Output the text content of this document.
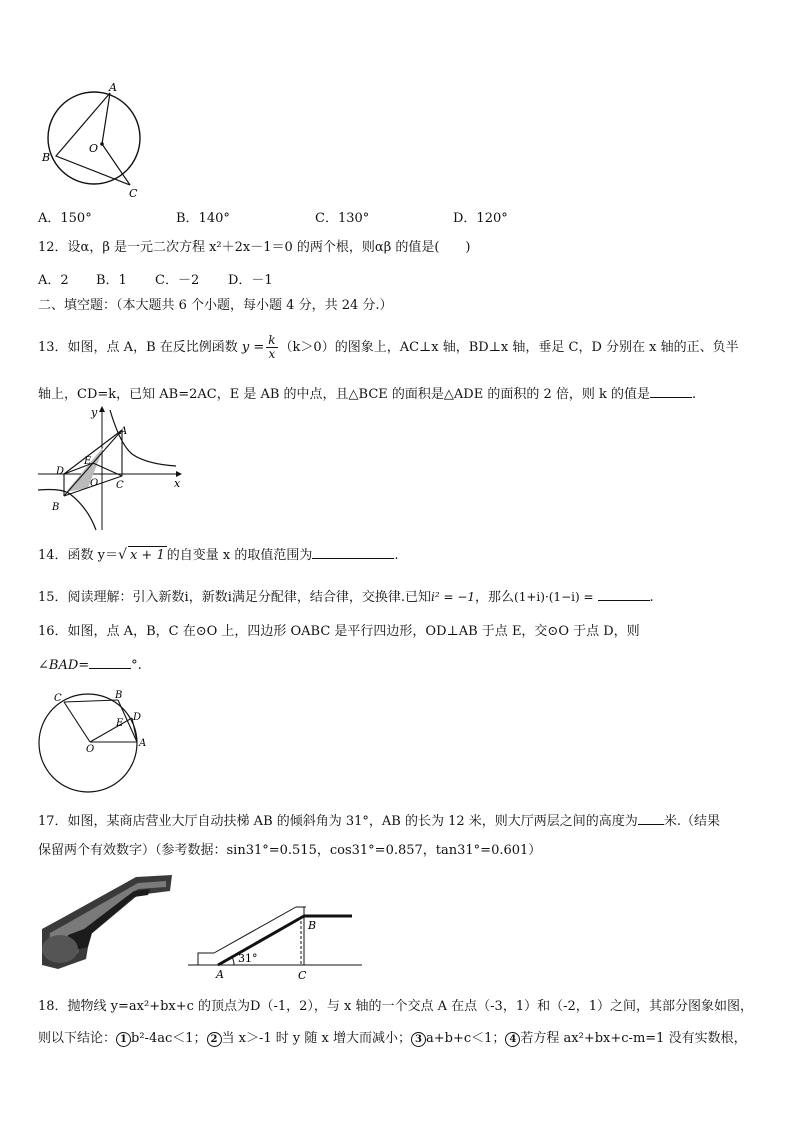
A
B
C
O
A．150°	B．140°	C．130°	D．120°
12．设α，β 是一元二次方程 x²＋2x－1＝0 的两个根，则αβ 的值是(　　)
A．2 B．1 C．－2 D．－1
二、填空题：（本大题共 6 个小题，每小题 4 分，共 24 分.）
13．如图，点 A，B 在反比例函数 $y = \frac{k}{x} (k>0)$的图象上，AC⊥x 轴，BD⊥x 轴，垂足 C，D 分别在 x 轴的正、负半
轴上，CD=k，已知 AB=2AC，E 是 AB 的中点，且△BCE 的面积是△ADE 的面积的 2 倍，则 k 的值是	.
y
x
A
B
C
D
E
O
14．函数 y＝√ x + 1 的自变量 x 的取值范围为	.
15．阅读理解：引入新数i，新数i满足分配律，结合律，交换律.已知i² = −1，那么(1+i)·(1−i) =	.
16．如图，点 A，B，C 在⊙O 上，四边形 OABC 是平行四边形，OD⊥AB 于点 E，交⊙O 于点 D，则
∠BAD=	°.
C	B
E
D
A
O
17．如图，某商店营业大厅自动扶梯 AB 的倾斜角为 31°，AB 的长为 12 米，则大厅两层之间的高度为 米.（结果
保留两个有效数字）（参考数据：sin31°=0.515，cos31°=0.857，tan31°=0.601）
31°
A
B
C
18．抛物线 y=ax²+bx+c 的顶点为D（-1，2），与 x 轴的一个交点 A 在点（-3，1）和（-2，1）之间，其部分图象如图，
则以下结论： 1 b²-4ac＜1； 2 当 x＞-1 时 y 随 x 增大而减小； 3 a+b+c＜1； 4 若方程 ax²+bx+c-m=1 没有实数根，
